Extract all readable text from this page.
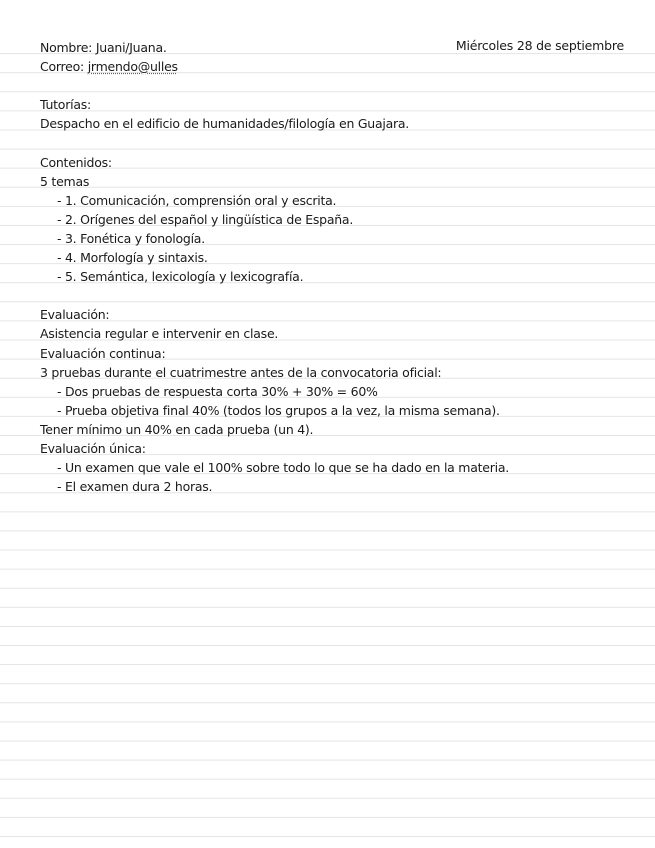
Miércoles 28 de septiembre
Nombre: Juani/Juana.
Correo: jrmendo@ulles
Tutorías:
Despacho en el edificio de humanidades/filología en Guajara.
Contenidos:
5 temas
- 1. Comunicación, comprensión oral y escrita.
- 2. Orígenes del español y lingüística de España.
- 3. Fonética y fonología.
- 4. Morfología y sintaxis.
- 5. Semántica, lexicología y lexicografía.
Evaluación:
Asistencia regular e intervenir en clase.
Evaluación continua:
3 pruebas durante el cuatrimestre antes de la convocatoria oficial:
- Dos pruebas de respuesta corta 30% + 30% = 60%
- Prueba objetiva final 40% (todos los grupos a la vez, la misma semana).
Tener mínimo un 40% en cada prueba (un 4).
Evaluación única:
- Un examen que vale el 100% sobre todo lo que se ha dado en la materia.
- El examen dura 2 horas.
